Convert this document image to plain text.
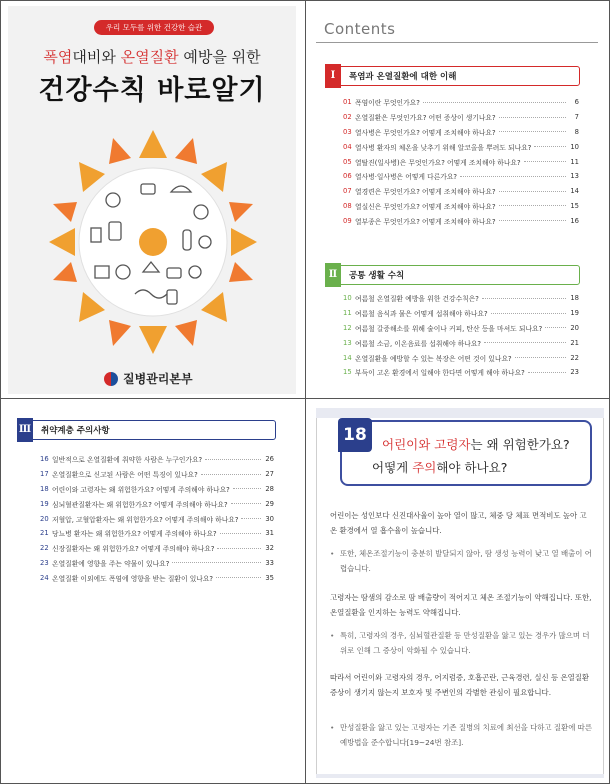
우리 모두를 위한 건강한 습관
폭염대비와 온열질환 예방을 위한
건강수칙 바로알기
질병관리본부
Contents
Ⅰ	폭염과 온열질환에 대한 이해
01 폭염이란 무엇인가요?	6
02 온열질환은 무엇인가요? 어떤 증상이 생기나요?	7
03 열사병은 무엇인가요? 어떻게 조치해야 하나요?	8
04 열사병 환자의 체온을 낮추기 위해 알코올을 뿌려도 되나요?	10
05 열탈진(일사병)은 무엇인가요? 어떻게 조치해야 하나요?	11
06 열사병·일사병은 어떻게 다른가요?	13
07 열경련은 무엇인가요? 어떻게 조치해야 하나요?	14
08 열실신은 무엇인가요? 어떻게 조치해야 하나요?	15
09 열부종은 무엇인가요? 어떻게 조치해야 하나요?	16
Ⅱ	공통 생활 수칙
10 여름철 온열질환 예방을 위한 건강수칙은?	18
11 여름철 음식과 물은 어떻게 섭취해야 하나요?	19
12 여름철 갈증해소를 위해 술이나 커피, 탄산 등을 마셔도 되나요?	20
13 여름철 소금, 이온음료를 섭취해야 하나요?	21
14 온열질환을 예방할 수 있는 복장은 어떤 것이 있나요?	22
15 부득이 고온 환경에서 일해야 한다면 어떻게 해야 하나요?	23
Ⅲ 취약계층 주의사항
16 일반적으로 온열질환에 취약한 사람은 누구인가요?	26
17 온열질환으로 신고된 사람은 어떤 특징이 있나요?	27
18 어린이와 고령자는 왜 위험한가요? 어떻게 주의해야 하나요?	28
19 심뇌혈관질환자는 왜 위험한가요? 어떻게 주의해야 하나요?	29
20 저혈압, 고혈압환자는 왜 위험한가요? 어떻게 주의해야 하나요?	30
21 당뇨병 환자는 왜 위험한가요? 어떻게 주의해야 하나요?	31
22 신장질환자는 왜 위험한가요? 어떻게 주의해야 하나요?	32
23 온열질환에 영향을 주는 약물이 있나요?	33
24 온열질환 이외에도 폭염에 영향을 받는 질환이 있나요?	35
18	어린이와 고령자는 왜 위험한가요?
어떻게 주의해야 하나요?
어린이는 성인보다 신진대사율이 높아 열이 많고, 체중 당 체표 면적비도 높아 고온 환경에서 열 흡수율이 높습니다.
• 또한, 체온조절기능이 충분히 발달되지 않아, 땀 생성 능력이 낮고 열 배출이 어렵습니다.
고령자는 땀샘의 감소로 땀 배출량이 적어지고 체온 조절기능이 약해집니다. 또한, 온열질환을 인지하는 능력도 약해집니다.
• 특히, 고령자의 경우, 심뇌혈관질환 등 만성질환을 앓고 있는 경우가 많으며 더위로 인해 그 증상이 악화될 수 있습니다.
따라서 어린이와 고령자의 경우, 어지럼증, 호흡곤란, 근육경련, 실신 등 온열질환 증상이 생기지 않는지 보호자 및 주변인의 각별한 관심이 필요합니다.
• 만성질환을 앓고 있는 고령자는 기존 질병의 치료에 최선을 다하고 질환에 따른 예방법을 준수합니다[19~24번 참조].
